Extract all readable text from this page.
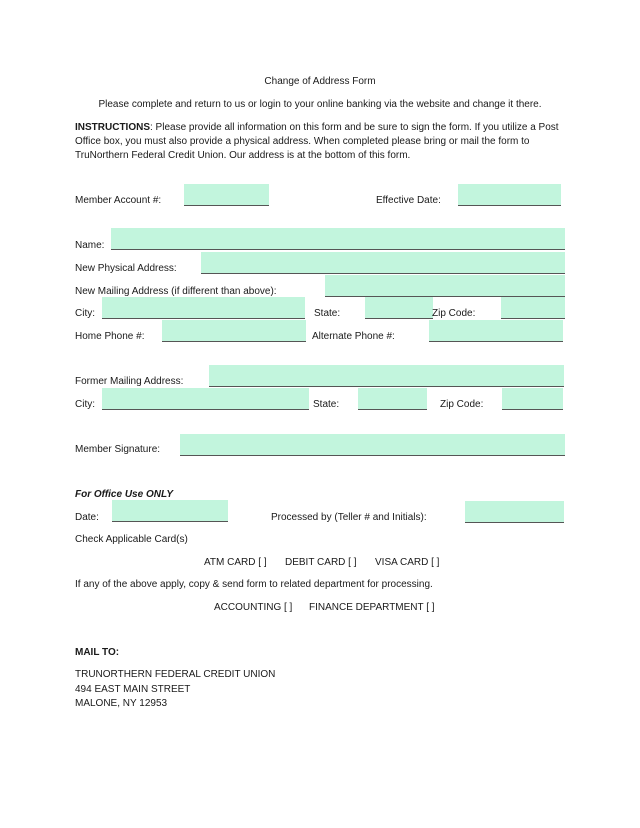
Change of Address Form
Please complete and return to us or login to your online banking via the website and change it there.
INSTRUCTIONS: Please provide all information on this form and be sure to sign the form. If you utilize a Post Office box, you must also provide a physical address. When completed please bring or mail the form to TruNorthern Federal Credit Union. Our address is at the bottom of this form.
Member Account #:	Effective Date:
Name:
New Physical Address:
New Mailing Address (if different than above):
City:	State:	Zip Code:
Home Phone #:	Alternate Phone #:
Former Mailing Address:
City:	State:	Zip Code:
Member Signature:
For Office Use ONLY
Date:	Processed by (Teller # and Initials):
Check Applicable Card(s)
ATM CARD [ ] DEBIT CARD [ ] VISA CARD [ ]
If any of the above apply, copy & send form to related department for processing.
ACCOUNTING [ ] FINANCE DEPARTMENT [ ]
MAIL TO:
TRUNORTHERN FEDERAL CREDIT UNION
494 EAST MAIN STREET
MALONE, NY 12953
